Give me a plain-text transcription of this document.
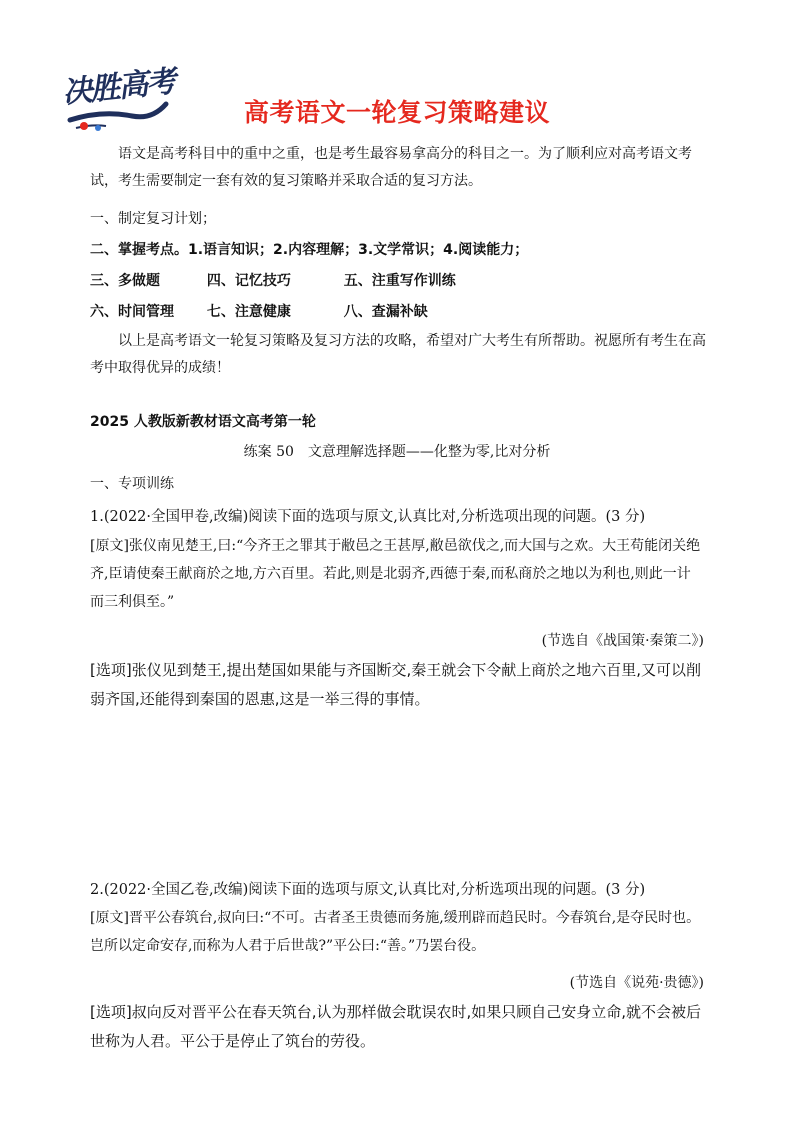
决胜高考
高考语文一轮复习策略建议
语文是高考科目中的重中之重，也是考生最容易拿高分的科目之一。为了顺利应对高考语文考试，考生需要制定一套有效的复习策略并采取合适的复习方法。
一、制定复习计划；
二、掌握考点。1.语言知识；2.内容理解；3.文学常识；4.阅读能力；
三、多做题	四、记忆技巧	五、注重写作训练
六、时间管理 七、注意健康	八、查漏补缺
以上是高考语文一轮复习策略及复习方法的攻略，希望对广大考生有所帮助。祝愿所有考生在高考中取得优异的成绩！
2025 人教版新教材语文高考第一轮
练案 50　文意理解选择题——化整为零,比对分析
一、专项训练
1.(2022·全国甲卷,改编)阅读下面的选项与原文,认真比对,分析选项出现的问题。(3 分)
[原文]张仪南见楚王,曰:“今齐王之罪其于敝邑之王甚厚,敝邑欲伐之,而大国与之欢。大王苟能闭关绝齐,臣请使秦王献商於之地,方六百里。若此,则是北弱齐,西德于秦,而私商於之地以为利也,则此一计而三利俱至。”
(节选自《战国策·秦策二》)
[选项]张仪见到楚王,提出楚国如果能与齐国断交,秦王就会下令献上商於之地六百里,又可以削弱齐国,还能得到秦国的恩惠,这是一举三得的事情。
2.(2022·全国乙卷,改编)阅读下面的选项与原文,认真比对,分析选项出现的问题。(3 分)
[原文]晋平公春筑台,叔向曰:“不可。古者圣王贵德而务施,缓刑辟而趋民时。今春筑台,是夺民时也。岂所以定命安存,而称为人君于后世哉?”平公曰:“善。”乃罢台役。
(节选自《说苑·贵德》)
[选项]叔向反对晋平公在春天筑台,认为那样做会耽误农时,如果只顾自己安身立命,就不会被后世称为人君。平公于是停止了筑台的劳役。
